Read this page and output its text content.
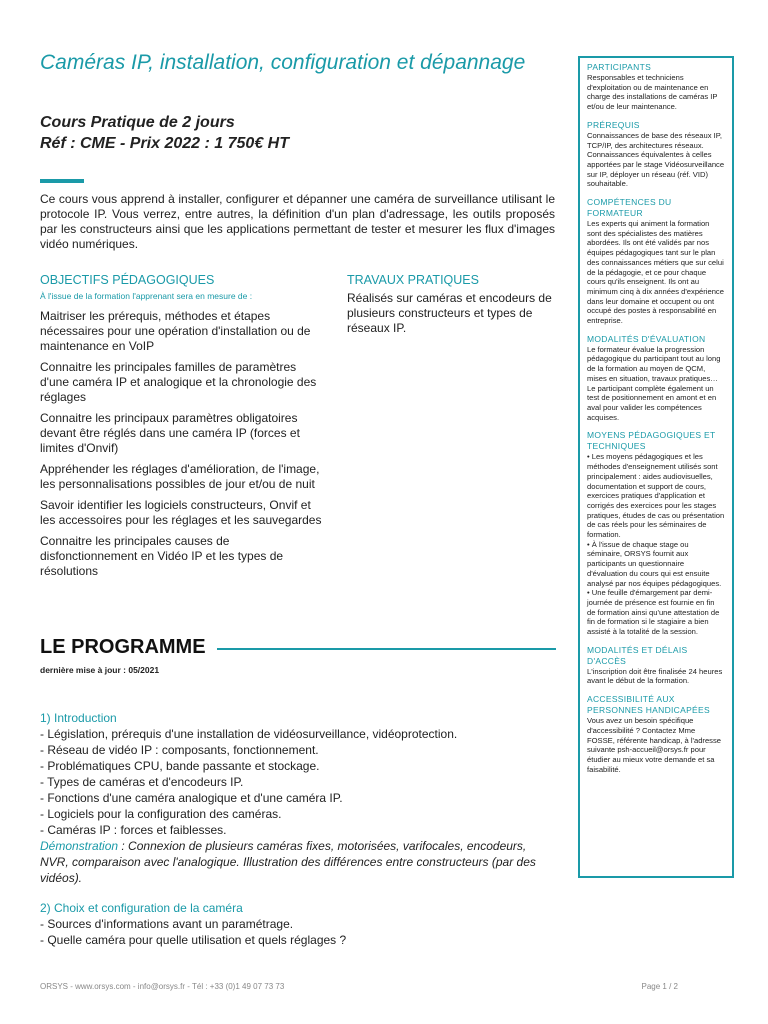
Caméras IP, installation, configuration et dépannage
Cours Pratique de 2 jours
Réf : CME - Prix 2022 : 1 750€ HT

Ce cours vous apprend à installer, configurer et dépanner une caméra de surveillance utilisant le protocole IP. Vous verrez, entre autres, la définition d'un plan d'adressage, les outils proposés par les constructeurs ainsi que les applications permettant de tester et mesurer les flux d'images vidéo numériques.

OBJECTIFS PÉDAGOGIQUES

À l'issue de la formation l'apprenant sera en mesure de :

Maitriser les prérequis, méthodes et étapes nécessaires pour une opération d'installation ou de maintenance en VoIP

Connaitre les principales familles de paramètres d'une caméra IP et analogique et la chronologie des réglages

Connaitre les principaux paramètres obligatoires devant être réglés dans une caméra IP (forces et limites d'Onvif)

Appréhender les réglages d'amélioration, de l'image, les personnalisations possibles de jour et/ou de nuit

Savoir identifier les logiciels constructeurs, Onvif et les accessoires pour les réglages et les sauvegardes

Connaitre les principales causes de disfonctionnement en Vidéo IP et les types de résolutions

TRAVAUX PRATIQUES

Réalisés sur caméras et encodeurs de plusieurs constructeurs et types de réseaux IP.

LE PROGRAMME
dernière mise à jour : 05/2021

1) Introduction

- Législation, prérequis d'une installation de vidéosurveillance, vidéoprotection.

- Réseau de vidéo IP : composants, fonctionnement.

- Problématiques CPU, bande passante et stockage.

- Types de caméras et d'encodeurs IP.

- Fonctions d'une caméra analogique et d'une caméra IP.

- Logiciels pour la configuration des caméras.

- Caméras IP : forces et faiblesses.

Démonstration : Connexion de plusieurs caméras fixes, motorisées, varifocales, encodeurs, NVR, comparaison avec l'analogique. Illustration des différences entre constructeurs (par des vidéos).

2) Choix et configuration de la caméra

- Sources d'informations avant un paramétrage.

- Quelle caméra pour quelle utilisation et quels réglages ?

PARTICIPANTS

Responsables et techniciens d'exploitation ou de maintenance en charge des installations de caméras IP et/ou de leur maintenance.

PRÉREQUIS

Connaissances de base des réseaux IP, TCP/IP, des architectures réseaux. Connaissances équivalentes à celles apportées par le stage Vidéosurveillance sur IP, déployer un réseau (réf. VID) souhaitable.

COMPÉTENCES DU FORMATEUR

Les experts qui animent la formation sont des spécialistes des matières abordées. Ils ont été validés par nos équipes pédagogiques tant sur le plan des connaissances métiers que sur celui de la pédagogie, et ce pour chaque cours qu'ils enseignent. Ils ont au minimum cinq à dix années d'expérience dans leur domaine et occupent ou ont occupé des postes à responsabilité en entreprise.

MODALITÉS D'ÉVALUATION

Le formateur évalue la progression pédagogique du participant tout au long de la formation au moyen de QCM, mises en situation, travaux pratiques…
Le participant complète également un test de positionnement en amont et en aval pour valider les compétences acquises.

MOYENS PÉDAGOGIQUES ET TECHNIQUES

• Les moyens pédagogiques et les méthodes d'enseignement utilisés sont principalement : aides audiovisuelles, documentation et support de cours, exercices pratiques d'application et corrigés des exercices pour les stages pratiques, études de cas ou présentation de cas réels pour les séminaires de formation.
• À l'issue de chaque stage ou séminaire, ORSYS fournit aux participants un questionnaire d'évaluation du cours qui est ensuite analysé par nos équipes pédagogiques.
• Une feuille d'émargement par demi-journée de présence est fournie en fin de formation ainsi qu'une attestation de fin de formation si le stagiaire a bien assisté à la totalité de la session.

MODALITÉS ET DÉLAIS D'ACCÈS

L'inscription doit être finalisée 24 heures avant le début de la formation.

ACCESSIBILITÉ AUX PERSONNES HANDICAPÉES

Vous avez un besoin spécifique d'accessibilité ? Contactez Mme FOSSE, référente handicap, à l'adresse suivante psh-accueil@orsys.fr pour étudier au mieux votre demande et sa faisabilité.

ORSYS - www.orsys.com - info@orsys.fr - Tél : +33 (0)1 49 07 73 73	Page 1 / 2
